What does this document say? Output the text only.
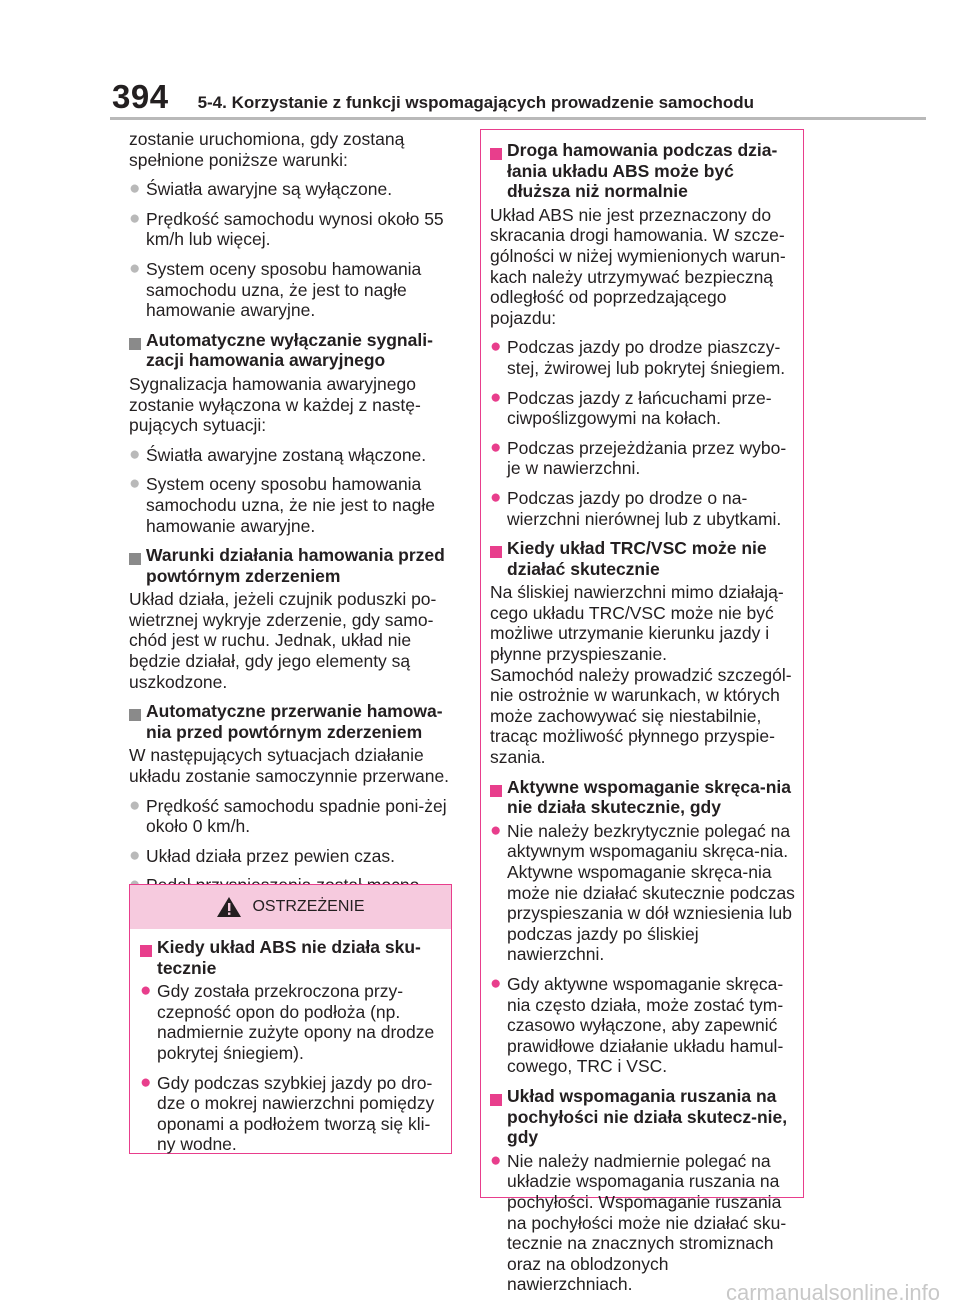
394 5-4. Korzystanie z funkcji wspomagających prowadzenie samochodu

zostanie uruchomiona, gdy zostaną spełnione poniższe warunki:

● Światła awaryjne są wyłączone.
● Prędkość samochodu wynosi około 55 km/h lub więcej.
● System oceny sposobu hamowania samochodu uzna, że jest to nagłe hamowanie awaryjne.
Automatyczne wyłączanie sygnali-zacji hamowania awaryjnego

Sygnalizacja hamowania awaryjnego zostanie wyłączona w każdej z nastę-pujących sytuacji:

● Światła awaryjne zostaną włączone.
● System oceny sposobu hamowania samochodu uzna, że nie jest to nagłe hamowanie awaryjne.
Warunki działania hamowania przed powtórnym zderzeniem

Układ działa, jeżeli czujnik poduszki po-wietrznej wykryje zderzenie, gdy samo-chód jest w ruchu. Jednak, układ nie będzie działał, gdy jego elementy są uszkodzone.

Automatyczne przerwanie hamowa-nia przed powtórnym zderzeniem

W następujących sytuacjach działanie układu zostanie samoczynnie przerwane.

● Prędkość samochodu spadnie poni-żej około 0 km/h.
● Układ działa przez pewien czas.
OSTRZEŻENIE
Kiedy układ ABS nie działa sku-tecznie
● Gdy została przekroczona przy-czepność opon do podłoża (np. nadmiernie zużyte opony na drodze pokrytej śniegiem).
● Gdy podczas szybkiej jazdy po dro-dze o mokrej nawierzchni pomiędzy oponami a podłożem tworzą się kli-ny wodne.
Droga hamowania podczas dzia-łania układu ABS może być dłuższa niż normalnie

Układ ABS nie jest przeznaczony do skracania drogi hamowania. W szcze-gólności w niżej wymienionych warun-kach należy utrzymywać bezpieczną odległość od poprzedzającego pojazdu:

● Podczas jazdy po drodze piaszczy-stej, żwirowej lub pokrytej śniegiem.
● Podczas jazdy z łańcuchami prze-ciwpoślizgowymi na kołach.
● Podczas przejeżdżania przez wybo-je w nawierzchni.
● Podczas jazdy po drodze o na-wierzchni nierównej lub z ubytkami.
Kiedy układ TRC/VSC może nie działać skutecznie

Na śliskiej nawierzchni mimo działają-cego układu TRC/VSC może nie być możliwe utrzymanie kierunku jazdy i płynne przyspieszanie.
Samochód należy prowadzić szczegól-nie ostrożnie w warunkach, w których może zachowywać się niestabilnie, tracąc możliwość płynnego przyspie-szania.

Aktywne wspomaganie skręca-nia nie działa skutecznie, gdy
● Nie należy bezkrytycznie polegać na aktywnym wspomaganiu skręca-nia. Aktywne wspomaganie skręca-nia może nie działać skutecznie podczas przyspieszania w dół wzniesienia lub podczas jazdy po śliskiej nawierzchni.
● Gdy aktywne wspomaganie skręca-nia często działa, może zostać tym-czasowo wyłączone, aby zapewnić prawidłowe działanie układu hamul-cowego, TRC i VSC.
Układ wspomagania ruszania na pochyłości nie działa skutecz-nie, gdy
● Nie należy nadmiernie polegać na układzie wspomagania ruszania na pochyłości. Wspomaganie ruszania na pochyłości może nie działać sku-tecznie na znacznych stromiznach oraz na oblodzonych nawierzchniach.	carmanualsonline.info
